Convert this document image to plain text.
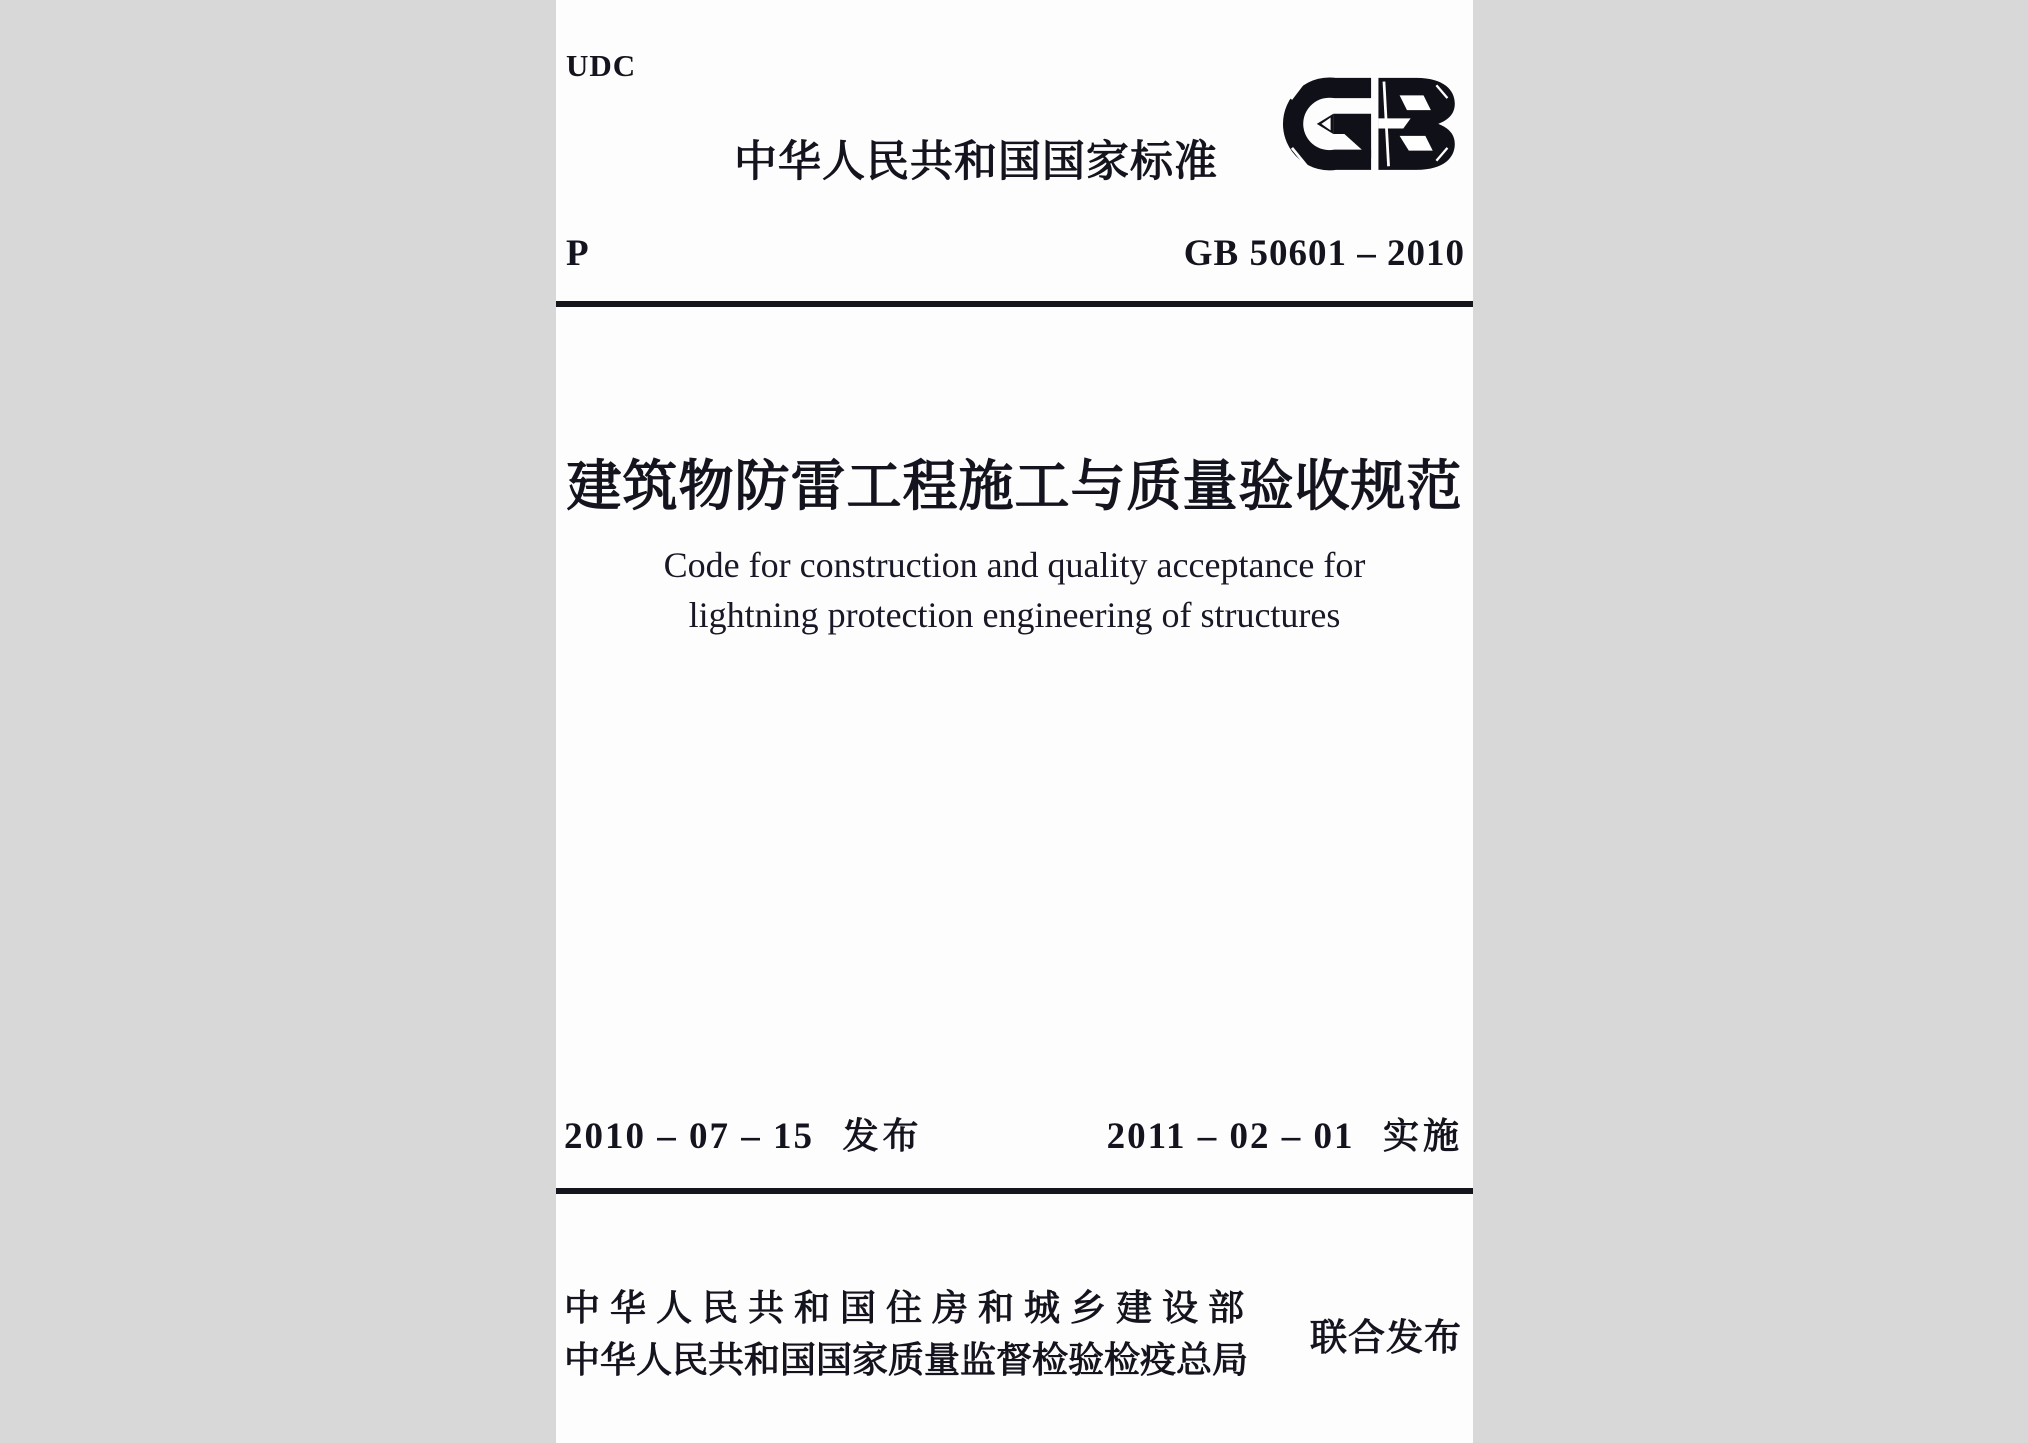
UDC
中华人民共和国国家标准
P	GB 50601 – 2010
建筑物防雷工程施工与质量验收规范
Code for construction and quality acceptance for
lightning protection engineering of structures
2010 – 07 – 15 发布	2011 – 02 – 01 实施
中华人民共和国住房和城乡建设部
中华人民共和国国家质量监督检验检疫总局
联合发布
